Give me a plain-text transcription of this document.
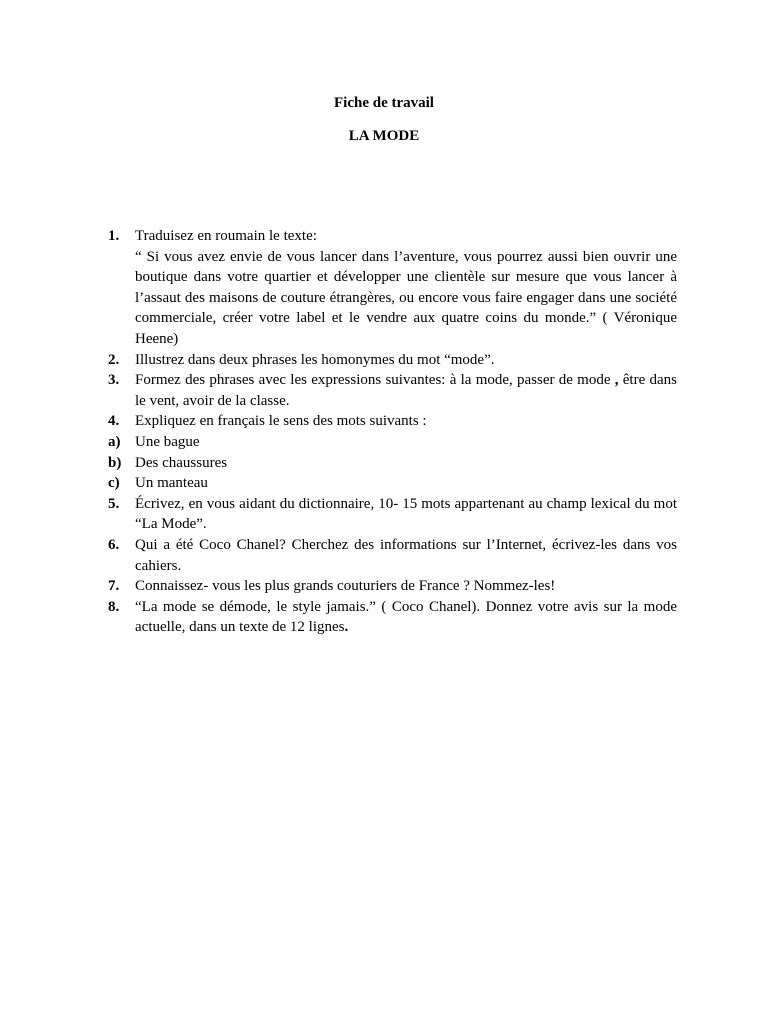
Fiche de travail
LA MODE
1.	Traduisez en roumain le texte:
“ Si vous avez envie de vous lancer dans l’aventure, vous pourrez aussi bien ouvrir une boutique dans votre quartier et développer une clientèle sur mesure que vous lancer à l’assaut des maisons de couture étrangères, ou encore vous faire engager dans une société commerciale, créer votre label et le vendre aux quatre coins du monde.” ( Véronique Heene)
2.	Illustrez dans deux phrases les homonymes du mot “mode”.
3.	Formez des phrases avec les expressions suivantes: à la mode, passer de mode , être dans le vent, avoir de la classe.
4.	Expliquez en français le sens des mots suivants :
a) Une bague
b) Des chaussures
c)	Un manteau
5.	Écrivez, en vous aidant du dictionnaire, 10- 15 mots appartenant au champ lexical du mot “La Mode”.
6.	Qui a été Coco Chanel? Cherchez des informations sur l’Internet, écrivez-les dans vos cahiers.
7.	Connaissez- vous les plus grands couturiers de France ? Nommez-les!
8.	“La mode se démode, le style jamais.” ( Coco Chanel). Donnez votre avis sur la mode actuelle, dans un texte de 12 lignes.
